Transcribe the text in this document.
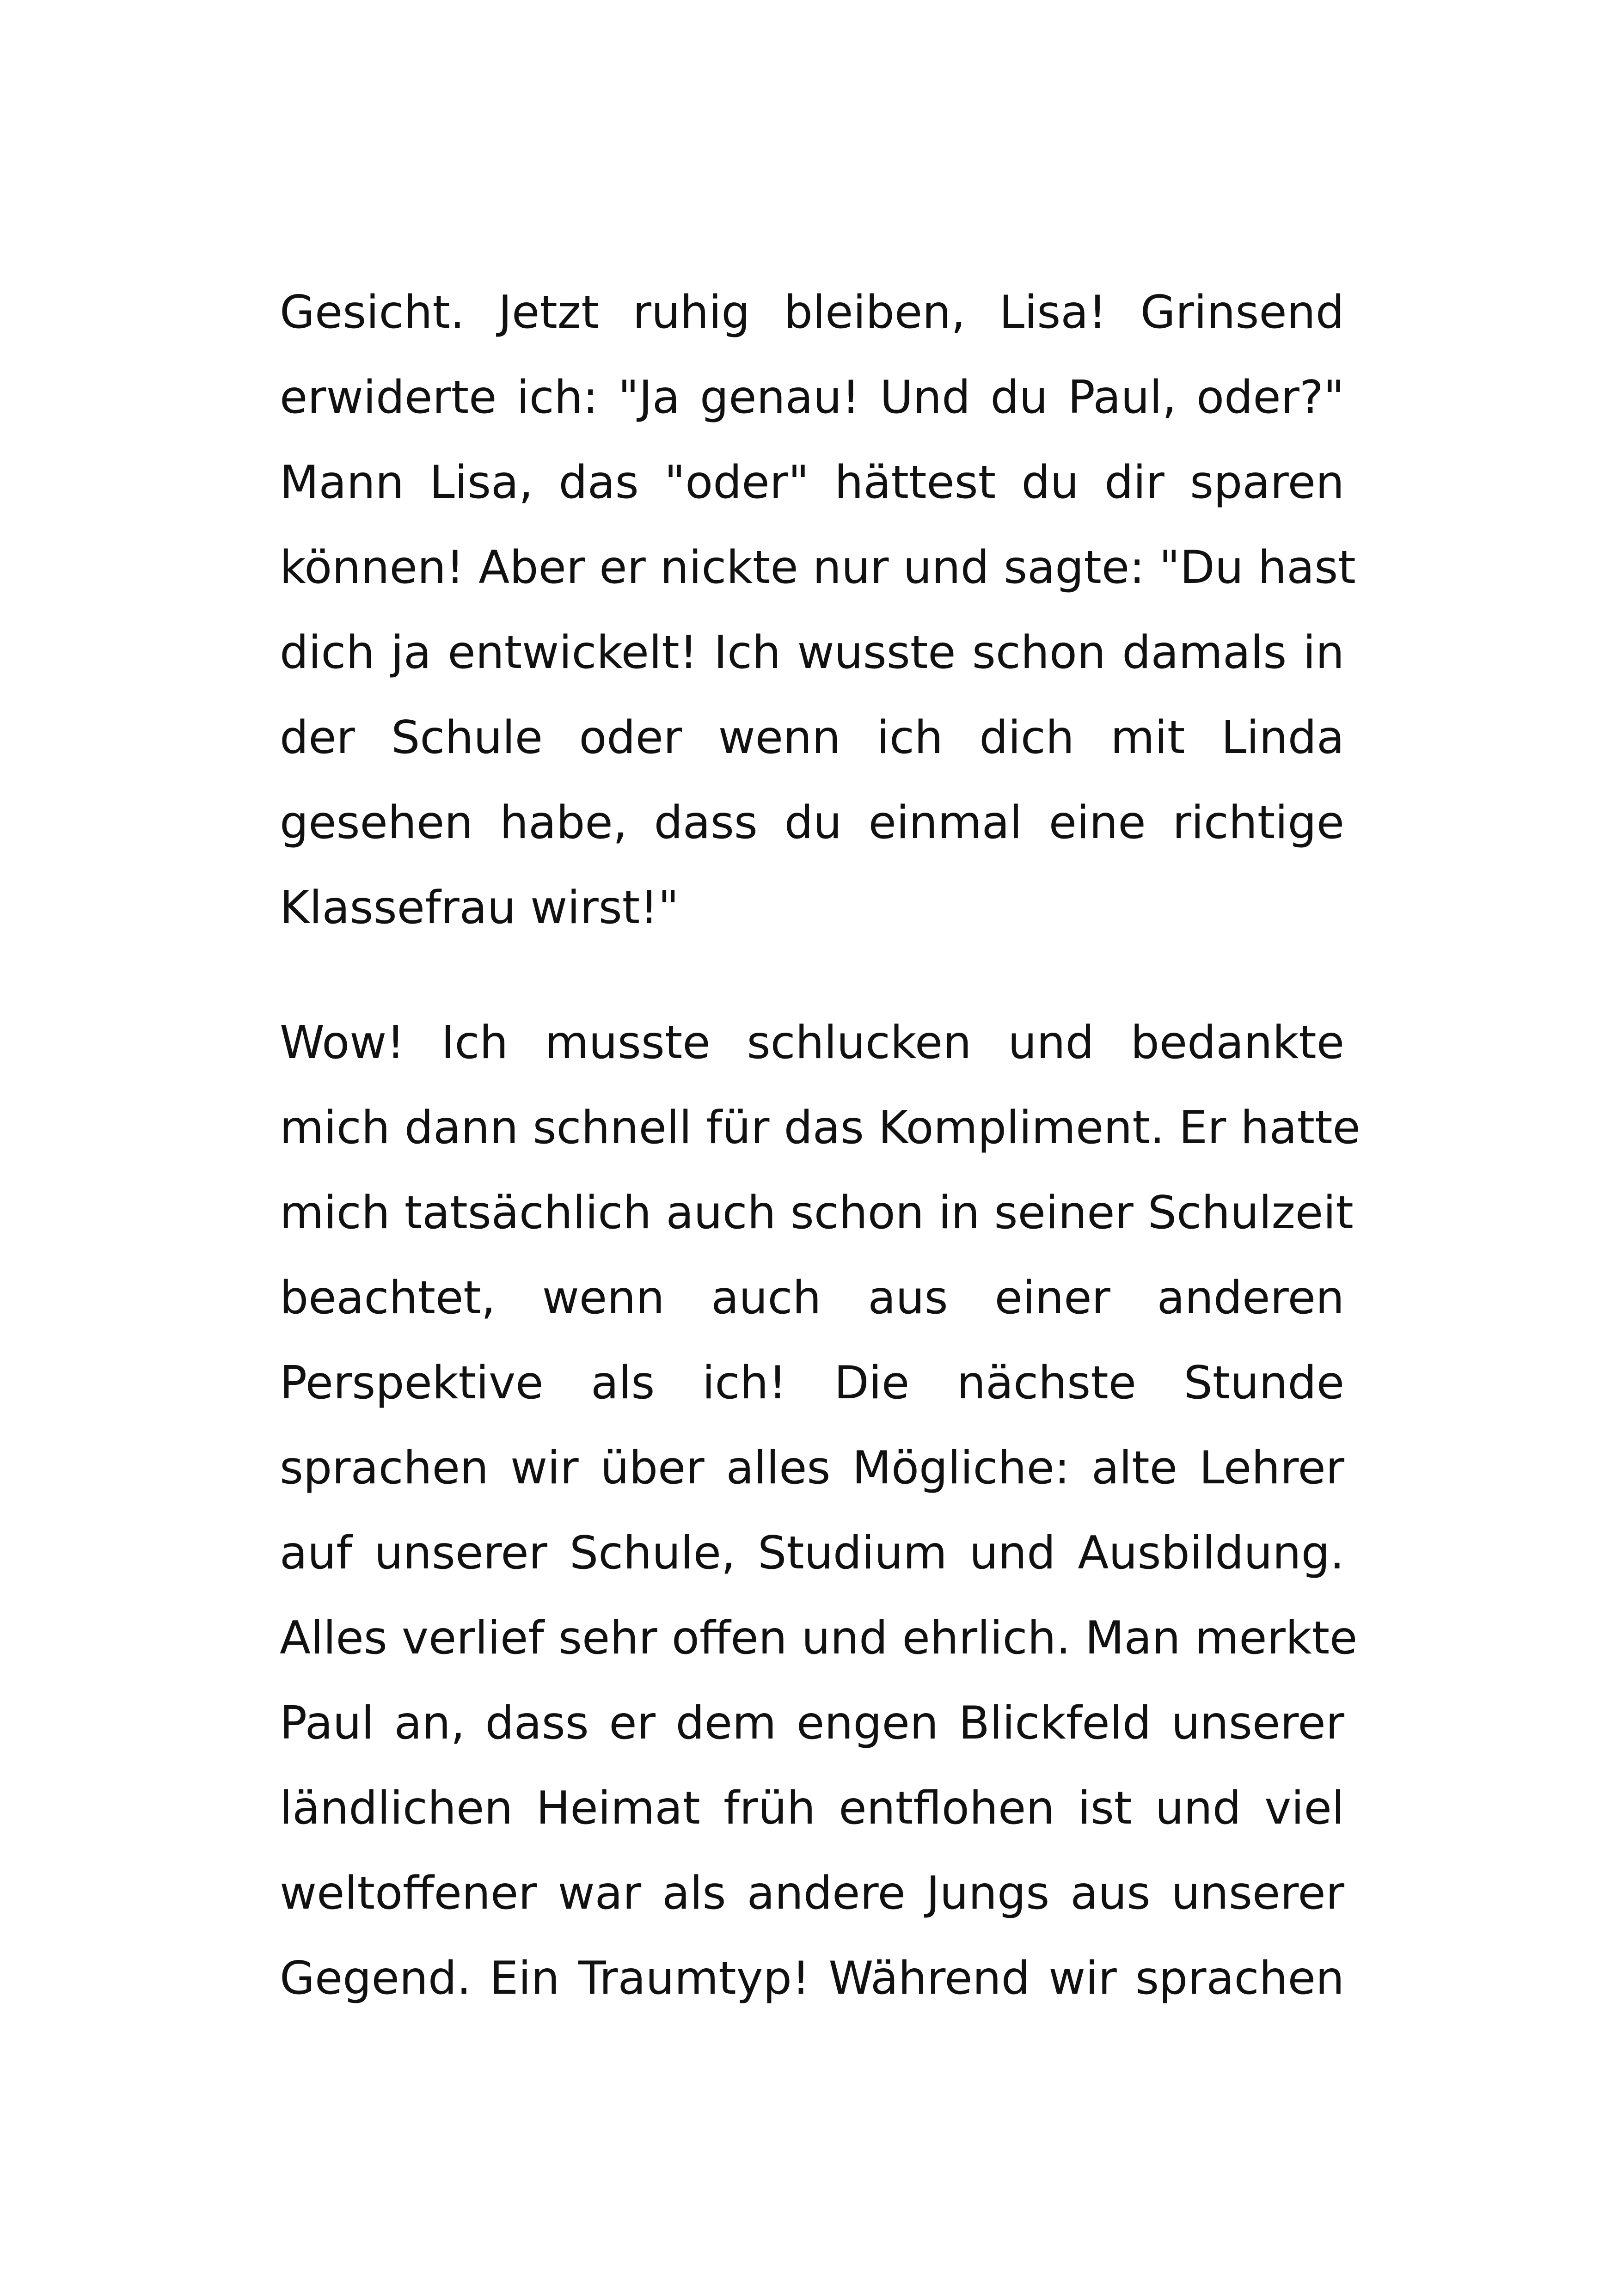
Gesicht. Jetzt ruhig bleiben, Lisa! Grinsend
erwiderte ich: "Ja genau! Und du Paul, oder?"
Mann Lisa, das "oder" hättest du dir sparen
können! Aber er nickte nur und sagte: "Du hast
dich ja entwickelt! Ich wusste schon damals in
der Schule oder wenn ich dich mit Linda
gesehen habe, dass du einmal eine richtige
Klassefrau wirst!"
Wow! Ich musste schlucken und bedankte
mich dann schnell für das Kompliment. Er hatte
mich tatsächlich auch schon in seiner Schulzeit
beachtet, wenn auch aus einer anderen
Perspektive als ich! Die nächste Stunde
sprachen wir über alles Mögliche: alte Lehrer
auf unserer Schule, Studium und Ausbildung.
Alles verlief sehr offen und ehrlich. Man merkte
Paul an, dass er dem engen Blickfeld unserer
ländlichen Heimat früh entflohen ist und viel
weltoffener war als andere Jungs aus unserer
Gegend. Ein Traumtyp! Während wir sprachen
